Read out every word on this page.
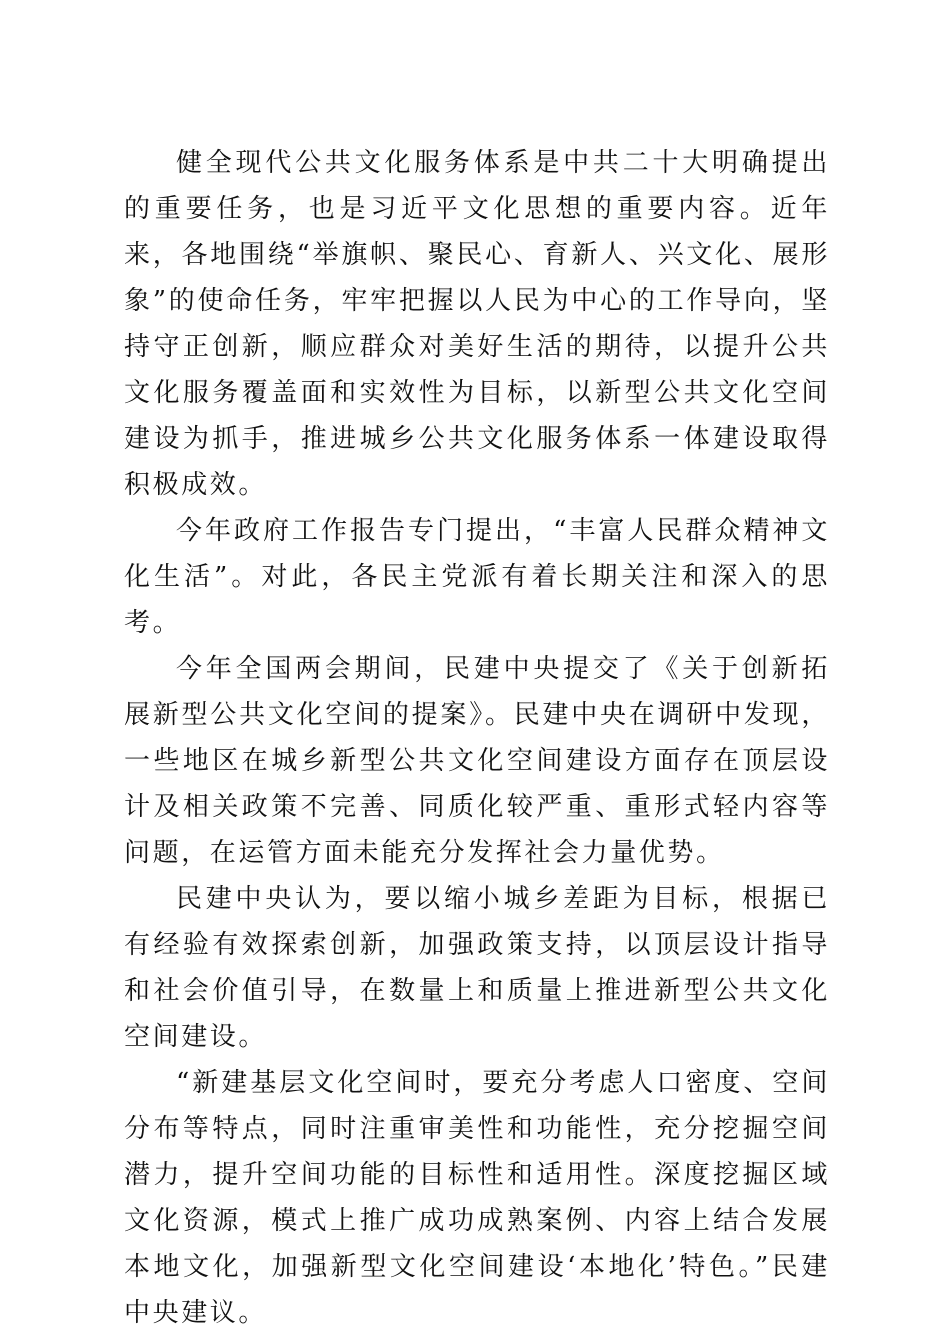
健全现代公共文化服务体系是中共二十大明确提出的重要任务，也是习近平文化思想的重要内容。近年来，各地围绕“举旗帜、聚民心、育新人、兴文化、展形象”的使命任务，牢牢把握以人民为中心的工作导向，坚持守正创新，顺应群众对美好生活的期待，以提升公共文化服务覆盖面和实效性为目标，以新型公共文化空间建设为抓手，推进城乡公共文化服务体系一体建设取得积极成效。

今年政府工作报告专门提出，“丰富人民群众精神文化生活”。对此，各民主党派有着长期关注和深入的思考。

今年全国两会期间，民建中央提交了《关于创新拓展新型公共文化空间的提案》。民建中央在调研中发现，一些地区在城乡新型公共文化空间建设方面存在顶层设计及相关政策不完善、同质化较严重、重形式轻内容等问题，在运管方面未能充分发挥社会力量优势。

民建中央认为，要以缩小城乡差距为目标，根据已有经验有效探索创新，加强政策支持，以顶层设计指导和社会价值引导，在数量上和质量上推进新型公共文化空间建设。

“新建基层文化空间时，要充分考虑人口密度、空间分布等特点，同时注重审美性和功能性，充分挖掘空间潜力，提升空间功能的目标性和适用性。深度挖掘区域文化资源，模式上推广成功成熟案例、内容上结合发展本地文化，加强新型文化空间建设‘本地化’特色。”民建中央建议。
